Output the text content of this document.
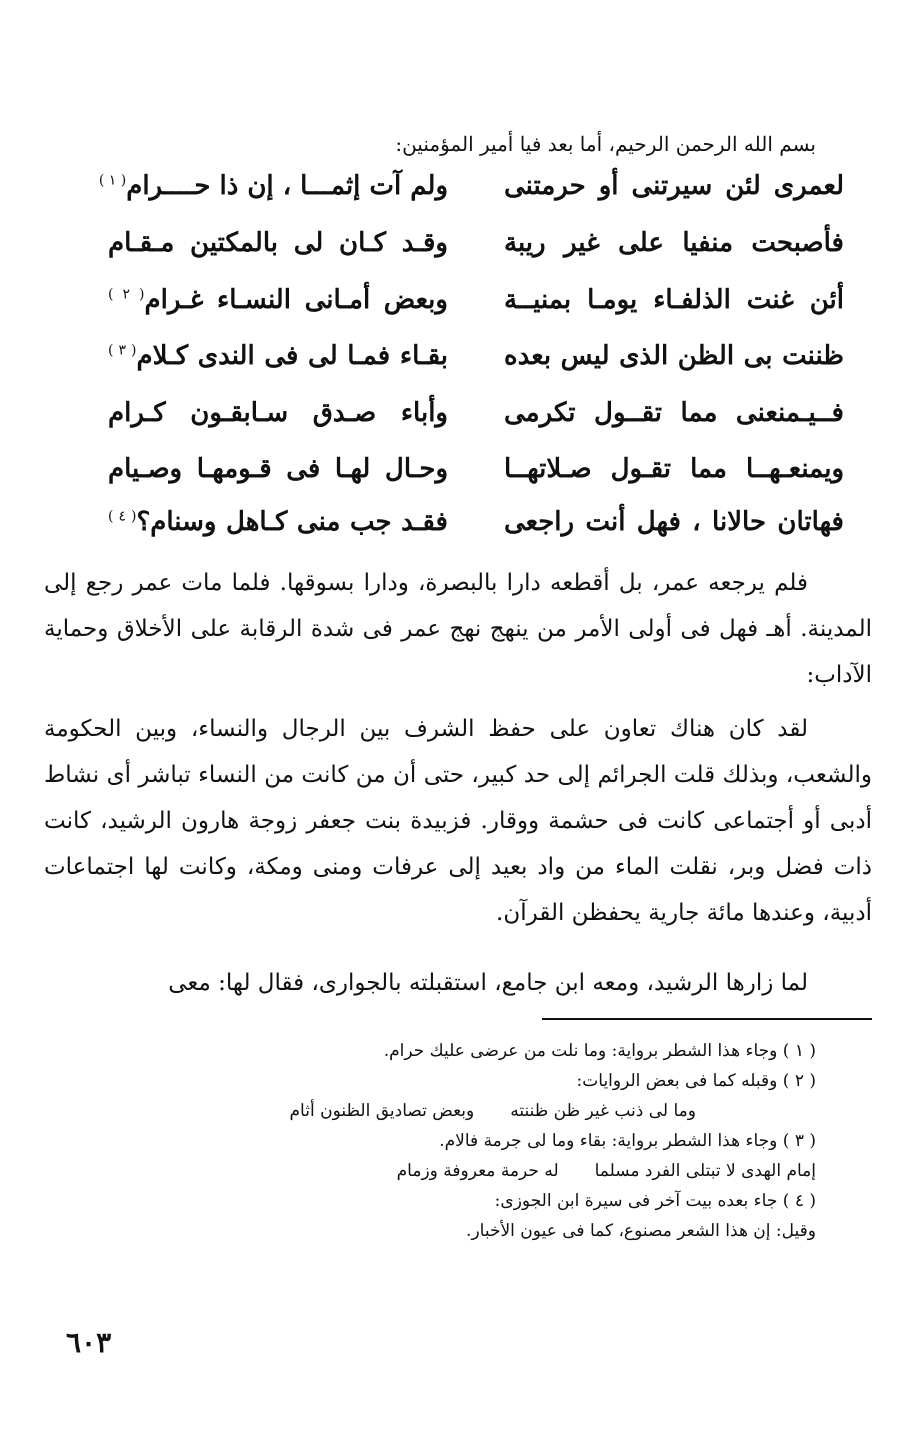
بسم الله الرحمن الرحيم، أما بعد فيا أمير المؤمنين:
لعمرى لئن سيرتنى أو حرمتنى
ولم آت إثمـــا ، إن ذا حــــرام$^{( ١ )}$
فأصبحت منفيا على غير ريبة
وقـد كـان لى بالمكتين مـقـام
أئن غنت الذلفـاء يومـا بمنيــة
وبعض أمـانى النسـاء غـرام$^{( ٢ )}$
ظننت بى الظن الذى ليس بعده
بقـاء فمـا لى فى الندى كـلام$^{( ٣ )}$
فــيـمنعنى مما تقــول تكرمى
وأباء صـدق سـابقـون كـرام
ويمنعـهــا مما تقـول صـلاتهــا
وحـال لهـا فى قـومهـا وصـيام
فهاتان حالانا ، فهل أنت راجعى
فقـد جب منى كـاهل وسنام؟$^{( ٤ )}$

فلم يرجعه عمر، بل أقطعه دارا بالبصرة، ودارا بسوقها. فلما مات عمر رجع إلى المدينة. أهـ فهل فى أولى الأمر من ينهج نهج عمر فى شدة الرقابة على الأخلاق وحماية الآداب:

لقد كان هناك تعاون على حفظ الشرف بين الرجال والنساء، وبين الحكومة والشعب، وبذلك قلت الجرائم إلى حد كبير، حتى أن من كانت من النساء تباشر أى نشاط أدبى أو أجتماعى كانت فى حشمة ووقار. فزبيدة بنت جعفر زوجة هارون الرشيد، كانت ذات فضل وبر، نقلت الماء من واد بعيد إلى عرفات ومنى ومكة، وكانت لها اجتماعات أدبية، وعندها مائة جارية يحفظن القرآن.

لما زارها الرشيد، ومعه ابن جامع، استقبلته بالجوارى، فقال لها: معى

( ١ ) وجاء هذا الشطر برواية: وما نلت من عرضى عليك حرام.
( ٢ ) وقبله كما فى بعض الروايات:
وما لى ذنب غير ظن ظننته
وبعض تصاديق الظنون أثام
( ٣ ) وجاء هذا الشطر برواية: بقاء وما لى جرمة فالام.
إمام الهدى لا تبتلى الفرد مسلما
له حرمة معروفة وزمام
( ٤ ) جاء بعده بيت آخر فى سيرة ابن الجوزى:
وقيل: إن هذا الشعر مصنوع، كما فى عيون الأخبار.
٦٠٣
